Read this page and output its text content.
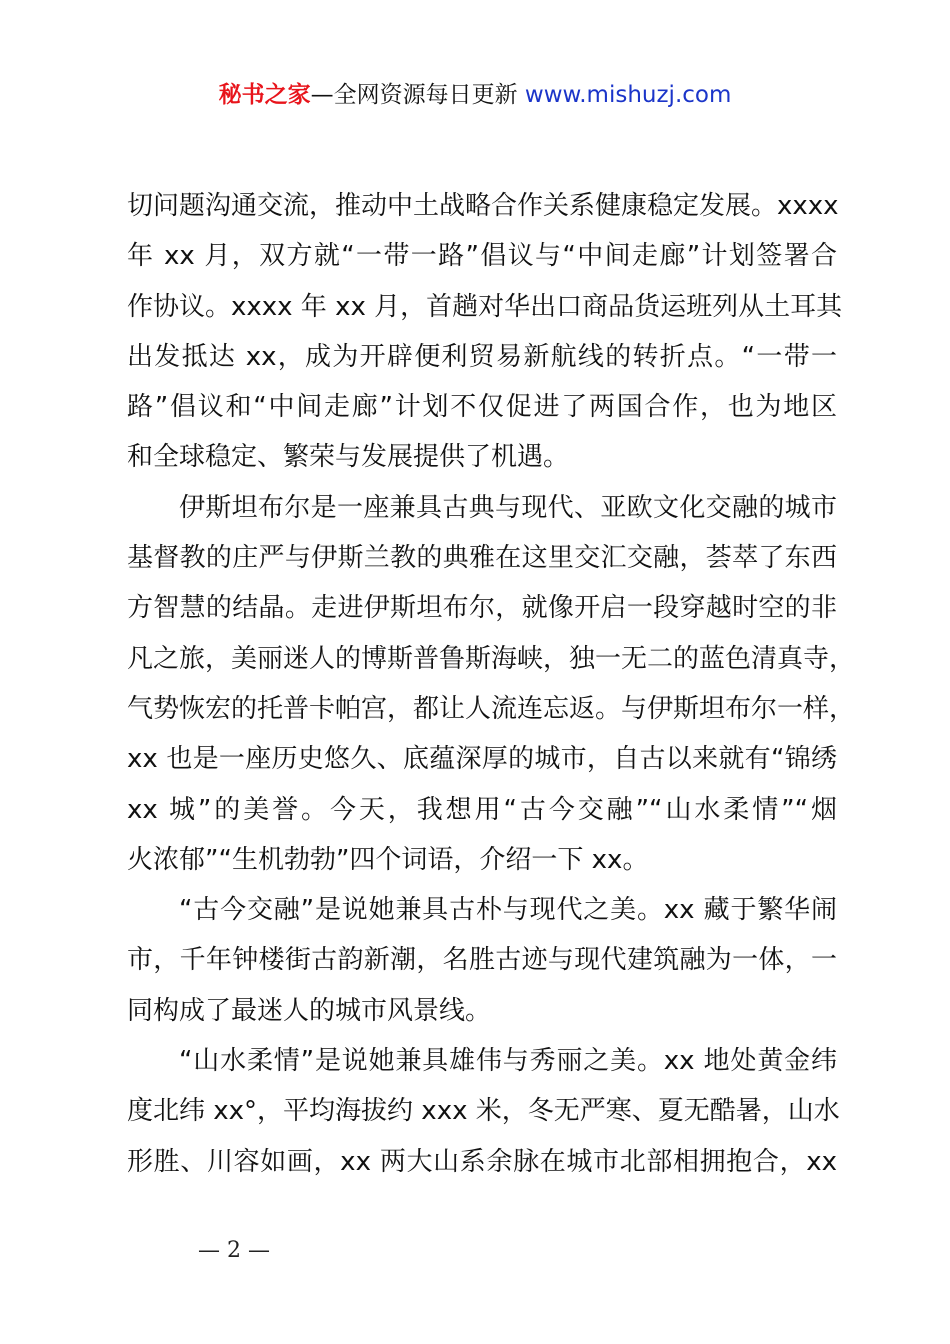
秘书之家—全网资源每日更新 www.mishuzj.com

切问题沟通交流，推动中土战略合作关系健康稳定发展。xxxx
年 xx 月，双方就“一带一路”倡议与“中间走廊”计划签署合
作协议。xxxx 年 xx 月，首趟对华出口商品货运班列从土耳其
出发抵达 xx，成为开辟便利贸易新航线的转折点。“一带一
路”倡议和“中间走廊”计划不仅促进了两国合作，也为地区
和全球稳定、繁荣与发展提供了机遇。

伊斯坦布尔是一座兼具古典与现代、亚欧文化交融的城市
基督教的庄严与伊斯兰教的典雅在这里交汇交融，荟萃了东西
方智慧的结晶。走进伊斯坦布尔，就像开启一段穿越时空的非
凡之旅，美丽迷人的博斯普鲁斯海峡，独一无二的蓝色清真寺，
气势恢宏的托普卡帕宫，都让人流连忘返。与伊斯坦布尔一样，
xx 也是一座历史悠久、底蕴深厚的城市，自古以来就有“锦绣
xx 城”的美誉。今天，我想用“古今交融”“山水柔情”“烟
火浓郁”“生机勃勃”四个词语，介绍一下 xx。

“古今交融”是说她兼具古朴与现代之美。xx 藏于繁华闹
市，千年钟楼街古韵新潮，名胜古迹与现代建筑融为一体，一
同构成了最迷人的城市风景线。

“山水柔情”是说她兼具雄伟与秀丽之美。xx 地处黄金纬
度北纬 xx°，平均海拔约 xxx 米，冬无严寒、夏无酷暑，山水
形胜、川容如画，xx 两大山系余脉在城市北部相拥抱合，xx

— 2 —
